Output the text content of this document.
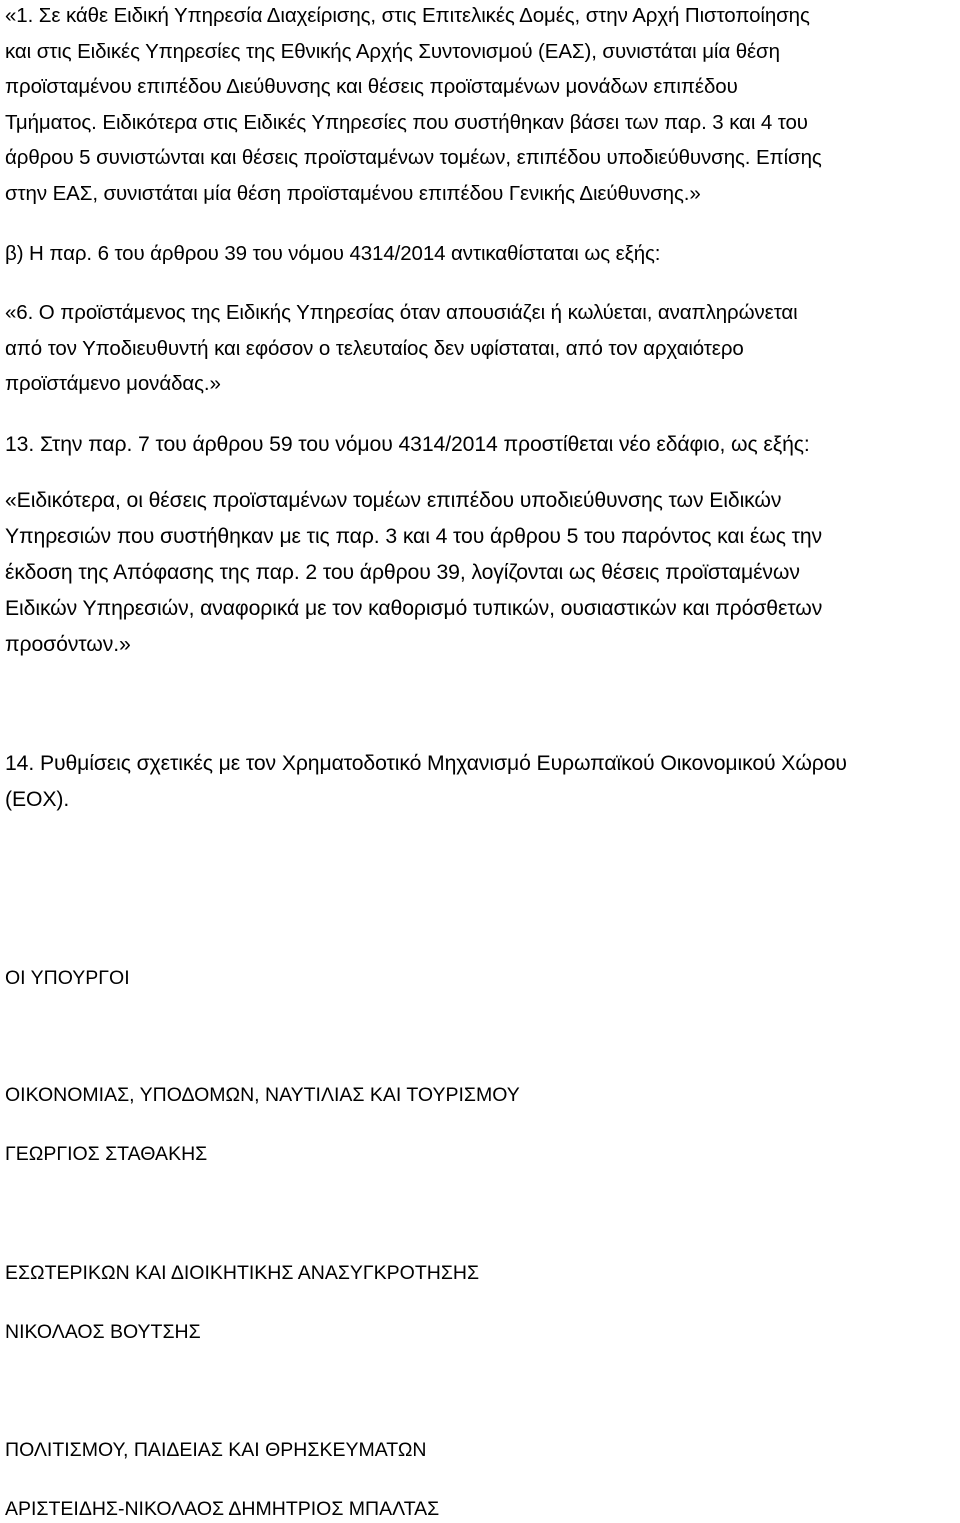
«1. Σε κάθε Ειδική Υπηρεσία Διαχείρισης, στις Επιτελικές Δομές, στην Αρχή Πιστοποίησης
και στις Ειδικές Υπηρεσίες της Εθνικής Αρχής Συντονισμού (ΕΑΣ), συνιστάται μία θέση
προϊσταμένου επιπέδου Διεύθυνσης και θέσεις προϊσταμένων μονάδων επιπέδου
Τμήματος. Ειδικότερα στις Ειδικές Υπηρεσίες που συστήθηκαν βάσει των παρ. 3 και 4 του
άρθρου 5 συνιστώνται και θέσεις προϊσταμένων τομέων, επιπέδου υποδιεύθυνσης. Επίσης
στην ΕΑΣ, συνιστάται μία θέση προϊσταμένου επιπέδου Γενικής Διεύθυνσης.»
β) Η παρ. 6 του άρθρου 39 του νόμου 4314/2014 αντικαθίσταται ως εξής:
«6. Ο προϊστάμενος της Ειδικής Υπηρεσίας όταν απουσιάζει ή κωλύεται, αναπληρώνεται
από τον Υποδιευθυντή και εφόσον ο τελευταίος δεν υφίσταται, από τον αρχαιότερο
προϊστάμενο μονάδας.»
13. Στην παρ. 7 του άρθρου 59 του νόμου 4314/2014 προστίθεται νέο εδάφιο, ως εξής:
«Ειδικότερα, οι θέσεις προϊσταμένων τομέων επιπέδου υποδιεύθυνσης των Ειδικών
Υπηρεσιών που συστήθηκαν με τις παρ. 3 και 4 του άρθρου 5 του παρόντος και έως την
έκδοση της Απόφασης της παρ. 2 του άρθρου 39, λογίζονται ως θέσεις προϊσταμένων
Ειδικών Υπηρεσιών, αναφορικά με τον καθορισμό τυπικών, ουσιαστικών και πρόσθετων
προσόντων.»
14. Ρυθμίσεις σχετικές με τον Χρηματοδοτικό Μηχανισμό Ευρωπαϊκού Οικονομικού Χώρου
(ΕΟΧ).
ΟΙ ΥΠΟΥΡΓΟΙ
ΟΙΚΟΝΟΜΙΑΣ, ΥΠΟΔΟΜΩΝ, ΝΑΥΤΙΛΙΑΣ ΚΑΙ ΤΟΥΡΙΣΜΟΥ
ΓΕΩΡΓΙΟΣ ΣΤΑΘΑΚΗΣ
ΕΣΩΤΕΡΙΚΩΝ ΚΑΙ ΔΙΟΙΚΗΤΙΚΗΣ ΑΝΑΣΥΓΚΡΟΤΗΣΗΣ
ΝΙΚΟΛΑΟΣ ΒΟΥΤΣΗΣ
ΠΟΛΙΤΙΣΜΟΥ, ΠΑΙΔΕΙΑΣ ΚΑΙ ΘΡΗΣΚΕΥΜΑΤΩΝ
ΑΡΙΣΤΕΙΔΗΣ-ΝΙΚΟΛΑΟΣ ΔΗΜΗΤΡΙΟΣ ΜΠΑΛΤΑΣ
